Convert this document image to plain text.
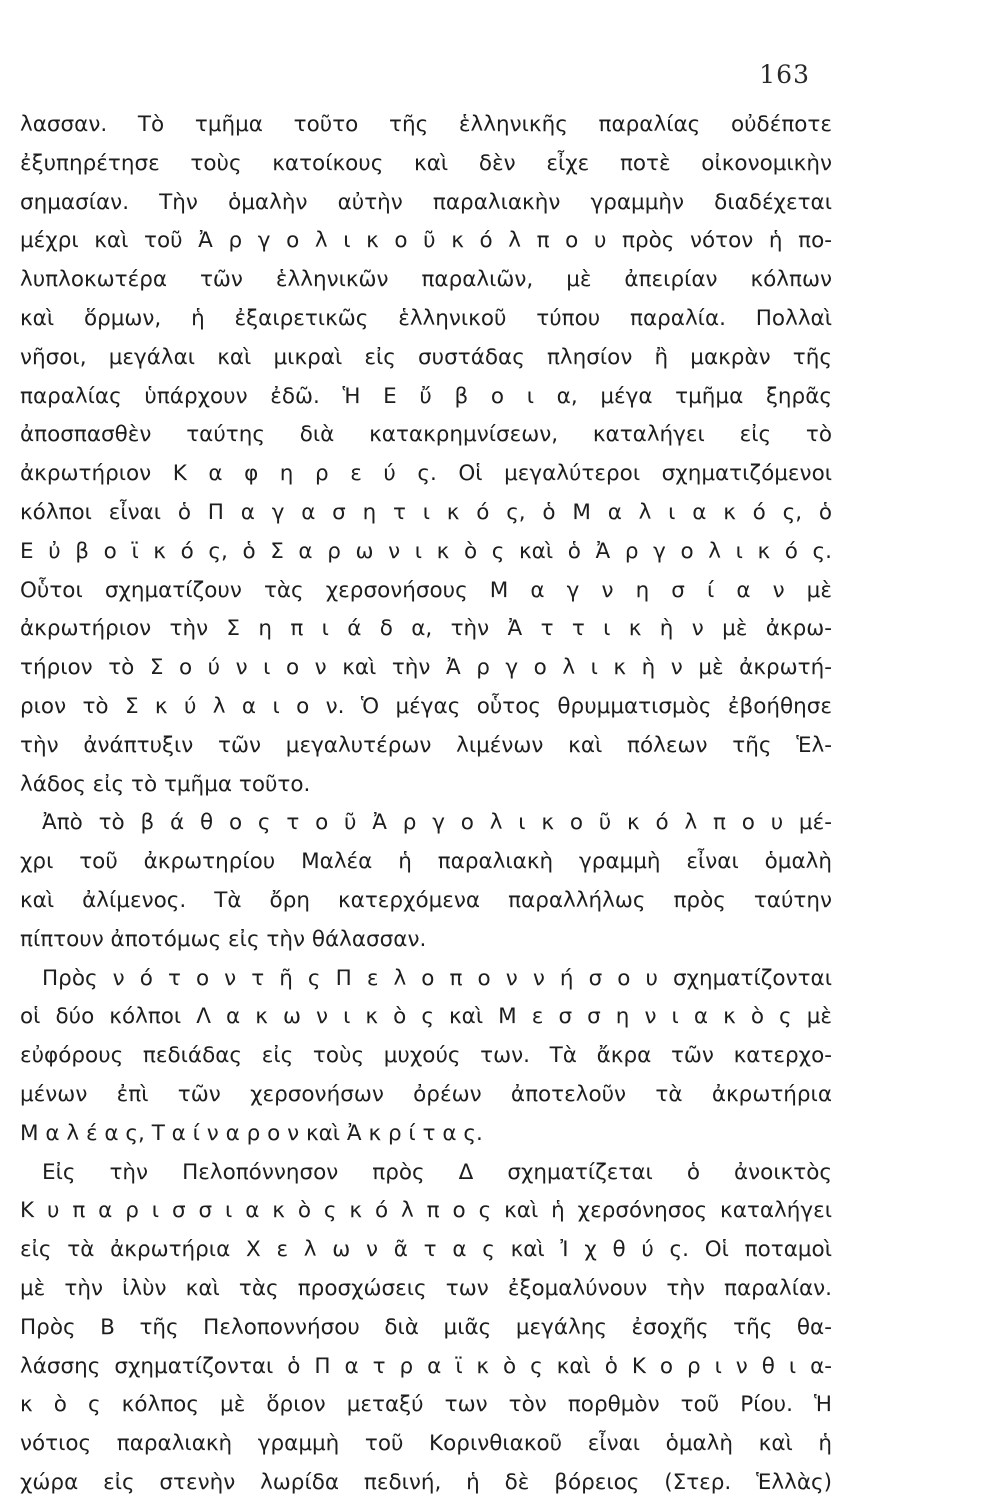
163
λασσαν. Τὸ τμῆμα τοῦτο τῆς ἑλληνικῆς παραλίας οὐδέποτε
ἐξυπηρέτησε τοὺς κατοίκους καὶ δὲν εἶχε ποτὲ οἰκονομικὴν
σημασίαν. Τὴν ὁμαλὴν αὐτὴν παραλιακὴν γραμμὴν διαδέχεται
μέχρι καὶ τοῦ Ἀ ρ γ ο λ ι κ ο ῦ κ ό λ π ο υ πρὸς νότον ἡ πο-
λυπλοκωτέρα τῶν ἑλληνικῶν παραλιῶν, μὲ ἀπειρίαν κόλπων
καὶ ὅρμων, ἡ ἐξαιρετικῶς ἑλληνικοῦ τύπου παραλία. Πολλαὶ
νῆσοι, μεγάλαι καὶ μικραὶ εἰς συστάδας πλησίον ἢ μακρὰν τῆς
παραλίας ὑπάρχουν ἐδῶ. Ἡ Ε ὔ β ο ι α, μέγα τμῆμα ξηρᾶς
ἀποσπασθὲν ταύτης διὰ κατακρημνίσεων, καταλήγει εἰς τὸ
ἀκρωτήριον Κ α φ η ρ ε ύ ς. Οἱ μεγαλύτεροι σχηματιζόμενοι
κόλποι εἶναι ὁ Π α γ α σ η τ ι κ ό ς, ὁ Μ α λ ι α κ ό ς, ὁ
Ε ὐ β ο ϊ κ ό ς, ὁ Σ α ρ ω ν ι κ ὸ ς καὶ ὁ Ἀ ρ γ ο λ ι κ ό ς.
Οὗτοι σχηματίζουν τὰς χερσονήσους Μ α γ ν η σ ί α ν μὲ
ἀκρωτήριον τὴν Σ η π ι ά δ α, τὴν Ἀ τ τ ι κ ὴ ν μὲ ἀκρω-
τήριον τὸ Σ ο ύ ν ι ο ν καὶ τὴν Ἀ ρ γ ο λ ι κ ὴ ν μὲ ἀκρωτή-
ριον τὸ Σ κ ύ λ α ι ο ν. Ὁ μέγας οὗτος θρυμματισμὸς ἐβοήθησε
τὴν ἀνάπτυξιν τῶν μεγαλυτέρων λιμένων καὶ πόλεων τῆς Ἑλ-
λάδος εἰς τὸ τμῆμα τοῦτο.
Ἀπὸ τὸ β ά θ ο ς τ ο ῦ Ἀ ρ γ ο λ ι κ ο ῦ κ ό λ π ο υ μέ-
χρι τοῦ ἀκρωτηρίου Μαλέα ἡ παραλιακὴ γραμμὴ εἶναι ὁμαλὴ
καὶ ἀλίμενος. Τὰ ὄρη κατερχόμενα παραλλήλως πρὸς ταύτην
πίπτουν ἀποτόμως εἰς τὴν θάλασσαν.
Πρὸς ν ό τ ο ν τ ῆ ς Π ε λ ο π ο ν ν ή σ ο υ σχηματίζονται
οἱ δύο κόλποι Λ α κ ω ν ι κ ὸ ς καὶ Μ ε σ σ η ν ι α κ ὸ ς μὲ
εὐφόρους πεδιάδας εἰς τοὺς μυχούς των. Τὰ ἄκρα τῶν κατερχο-
μένων ἐπὶ τῶν χερσονήσων ὀρέων ἀποτελοῦν τὰ ἀκρωτήρια
Μ α λ έ α ς, Τ α ί ν α ρ ο ν καὶ Ἀ κ ρ ί τ α ς.
Εἰς τὴν Πελοπόννησον πρὸς Δ σχηματίζεται ὁ ἀνοικτὸς
Κ υ π α ρ ι σ σ ι α κ ὸ ς κ ό λ π ο ς καὶ ἡ χερσόνησος καταλήγει
εἰς τὰ ἀκρωτήρια Χ ε λ ω ν ᾶ τ α ς καὶ Ἰ χ θ ύ ς. Οἱ ποταμοὶ
μὲ τὴν ἰλὺν καὶ τὰς προσχώσεις των ἐξομαλύνουν τὴν παραλίαν.
Πρὸς Β τῆς Πελοποννήσου διὰ μιᾶς μεγάλης ἐσοχῆς τῆς θα-
λάσσης σχηματίζονται ὁ Π α τ ρ α ϊ κ ὸ ς καὶ ὁ Κ ο ρ ι ν θ ι α-
κ ὸ ς κόλπος μὲ ὅριον μεταξύ των τὸν πορθμὸν τοῦ Ρίου. Ἡ
νότιος παραλιακὴ γραμμὴ τοῦ Κορινθιακοῦ εἶναι ὁμαλὴ καὶ ἡ
χώρα εἰς στενὴν λωρίδα πεδινή, ἡ δὲ βόρειος (Στερ. Ἑλλὰς)
